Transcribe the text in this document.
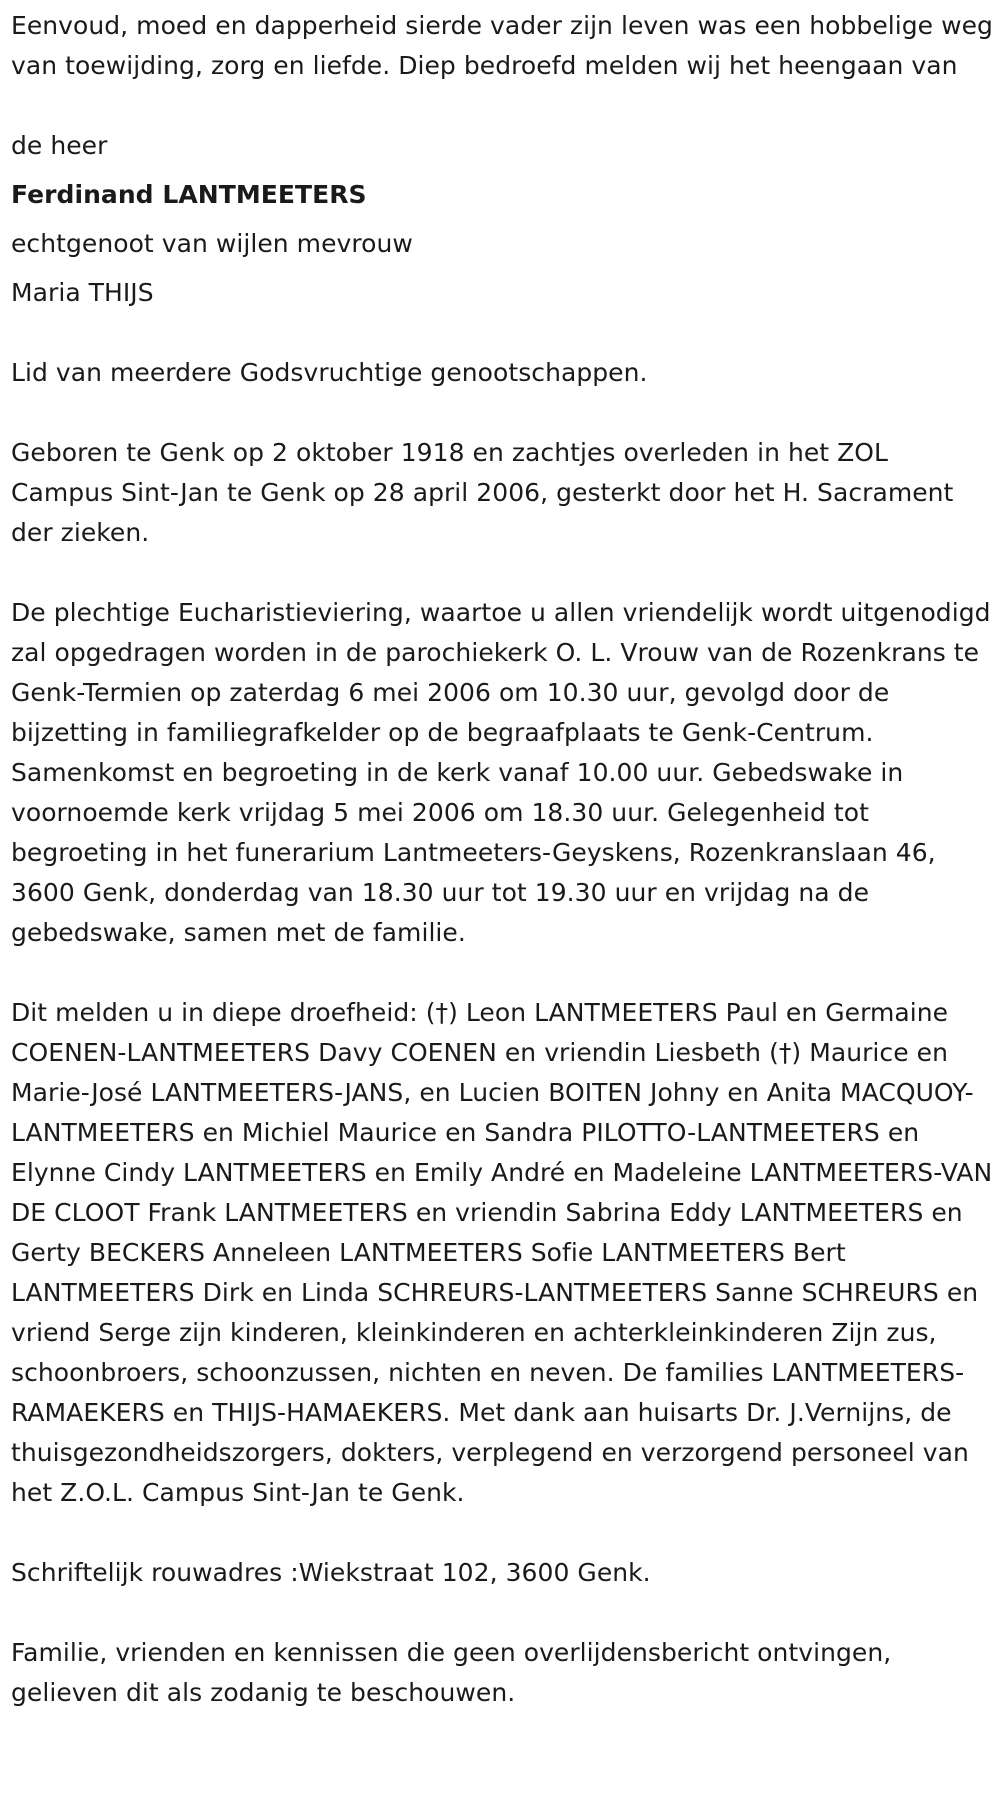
Eenvoud, moed en dapperheid sierde vader zijn leven was een hobbelige weg van toewijding, zorg en liefde. Diep bedroefd melden wij het heengaan van

de heer

Ferdinand LANTMEETERS

echtgenoot van wijlen mevrouw

Maria THIJS

Lid van meerdere Godsvruchtige genootschappen.

Geboren te Genk op 2 oktober 1918 en zachtjes overleden in het ZOL Campus Sint-Jan te Genk op 28 april 2006, gesterkt door het H. Sacrament der zieken.

De plechtige Eucharistieviering, waartoe u allen vriendelijk wordt uitgenodigd zal opgedragen worden in de parochiekerk O. L. Vrouw van de Rozenkrans te Genk-Termien op zaterdag 6 mei 2006 om 10.30 uur, gevolgd door de bijzetting in familiegrafkelder op de begraafplaats te Genk-Centrum. Samenkomst en begroeting in de kerk vanaf 10.00 uur. Gebedswake in voornoemde kerk vrijdag 5 mei 2006 om 18.30 uur. Gelegenheid tot begroeting in het funerarium Lantmeeters-Geyskens, Rozenkranslaan 46, 3600 Genk, donderdag van 18.30 uur tot 19.30 uur en vrijdag na de gebedswake, samen met de familie.

Dit melden u in diepe droefheid: (†) Leon LANTMEETERS Paul en Germaine COENEN-LANTMEETERS Davy COENEN en vriendin Liesbeth (†) Maurice en Marie-José LANTMEETERS-JANS, en Lucien BOITEN Johny en Anita MACQUOY-LANTMEETERS en Michiel Maurice en Sandra PILOTTO-LANTMEETERS en Elynne Cindy LANTMEETERS en Emily André en Madeleine LANTMEETERS-VAN DE CLOOT Frank LANTMEETERS en vriendin Sabrina Eddy LANTMEETERS en Gerty BECKERS Anneleen LANTMEETERS Sofie LANTMEETERS Bert LANTMEETERS Dirk en Linda SCHREURS-LANTMEETERS Sanne SCHREURS en vriend Serge zijn kinderen, kleinkinderen en achterkleinkinderen Zijn zus, schoonbroers, schoonzussen, nichten en neven. De families LANTMEETERS-RAMAEKERS en THIJS-HAMAEKERS. Met dank aan huisarts Dr. J.Vernijns, de thuisgezondheidszorgers, dokters, verplegend en verzorgend personeel van het Z.O.L. Campus Sint-Jan te Genk.

Schriftelijk rouwadres :Wiekstraat 102, 3600 Genk.

Familie, vrienden en kennissen die geen overlijdensbericht ontvingen, gelieven dit als zodanig te beschouwen.
